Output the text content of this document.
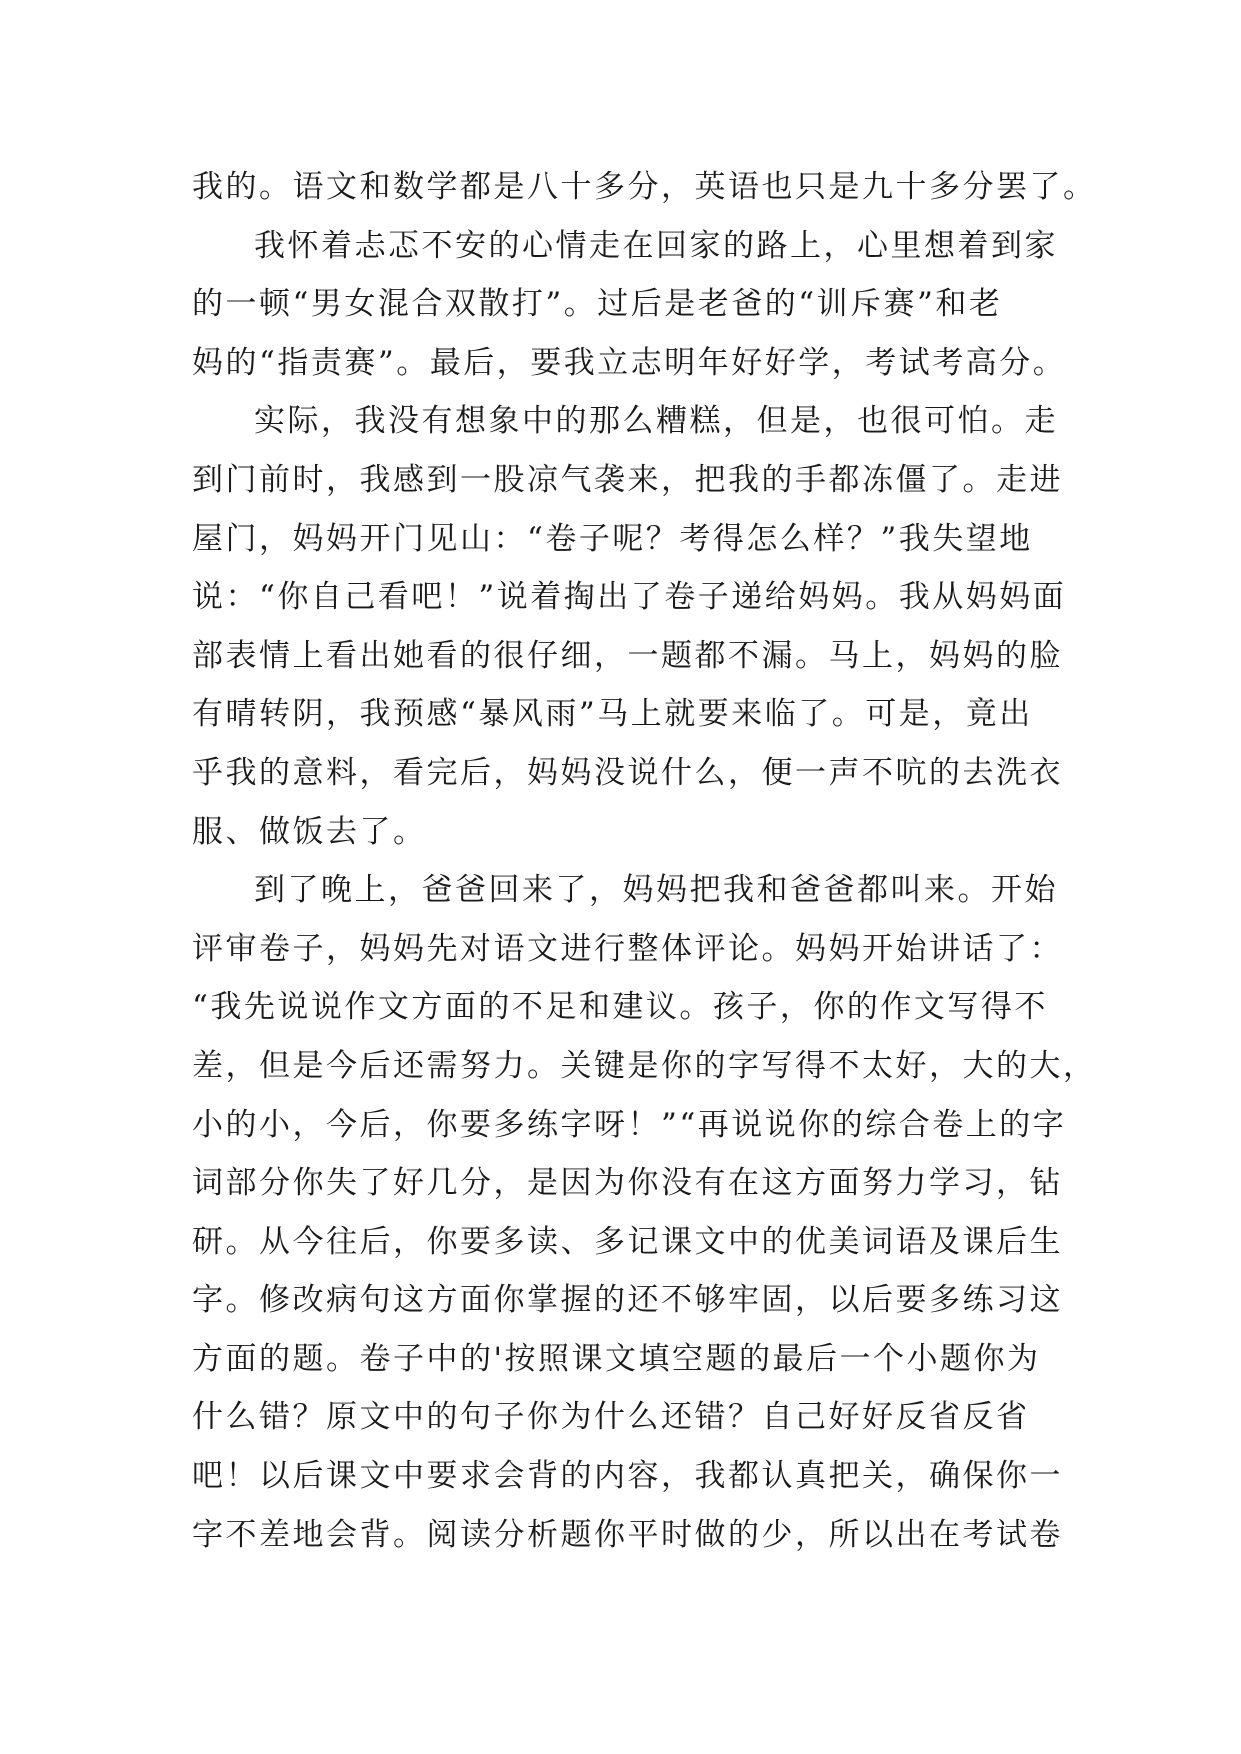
我的。语文和数学都是八十多分，英语也只是九十多分罢了。
我怀着忐忑不安的心情走在回家的路上，心里想着到家
的一顿“男女混合双散打”。过后是老爸的“训斥赛”和老
妈的“指责赛”。最后，要我立志明年好好学，考试考高分。
实际，我没有想象中的那么糟糕，但是，也很可怕。走
到门前时，我感到一股凉气袭来，把我的手都冻僵了。走进
屋门，妈妈开门见山：“卷子呢？考得怎么样？”我失望地
说：“你自己看吧！”说着掏出了卷子递给妈妈。我从妈妈面
部表情上看出她看的很仔细，一题都不漏。马上，妈妈的脸
有晴转阴，我预感“暴风雨”马上就要来临了。可是，竟出
乎我的意料，看完后，妈妈没说什么，便一声不吭的去洗衣
服、做饭去了。
到了晚上，爸爸回来了，妈妈把我和爸爸都叫来。开始
评审卷子，妈妈先对语文进行整体评论。妈妈开始讲话了：
“我先说说作文方面的不足和建议。孩子，你的作文写得不
差，但是今后还需努力。关键是你的字写得不太好，大的大，
小的小，今后，你要多练字呀！”“再说说你的综合卷上的字
词部分你失了好几分，是因为你没有在这方面努力学习，钻
研。从今往后，你要多读、多记课文中的优美词语及课后生
字。修改病句这方面你掌握的还不够牢固，以后要多练习这
方面的题。卷子中的'按照课文填空题的最后一个小题你为
什么错？原文中的句子你为什么还错？自己好好反省反省
吧！以后课文中要求会背的内容，我都认真把关，确保你一
字不差地会背。阅读分析题你平时做的少，所以出在考试卷
